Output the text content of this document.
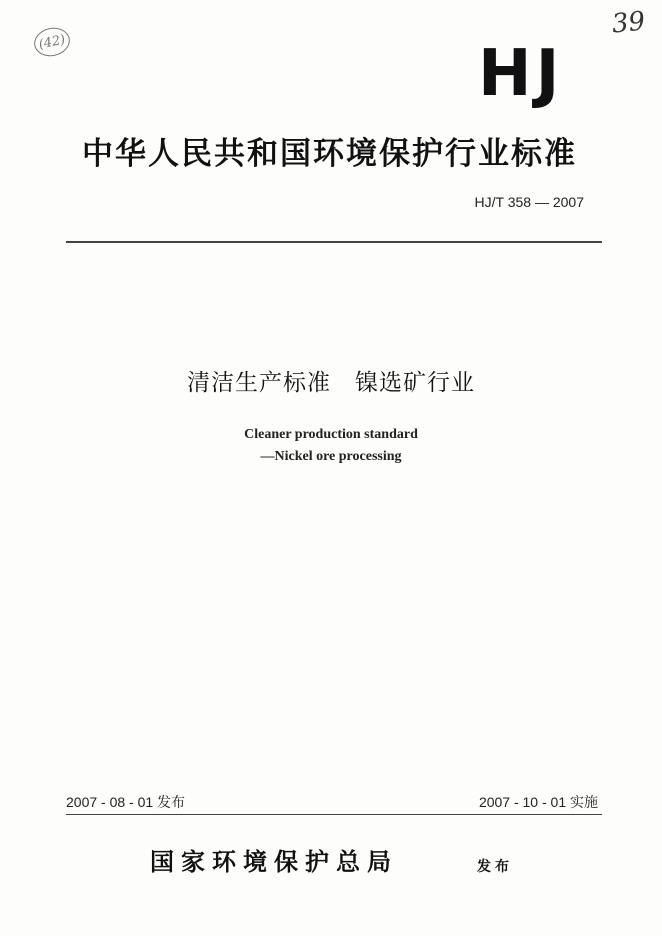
39
(42)	HJ
中华人民共和国环境保护行业标准
HJ/T 358 — 2007
清洁生产标准　镍选矿行业
Cleaner production standard
—Nickel ore processing
2007 - 08 - 01 发布	2007 - 10 - 01 实施
国家环境保护总局	发布
